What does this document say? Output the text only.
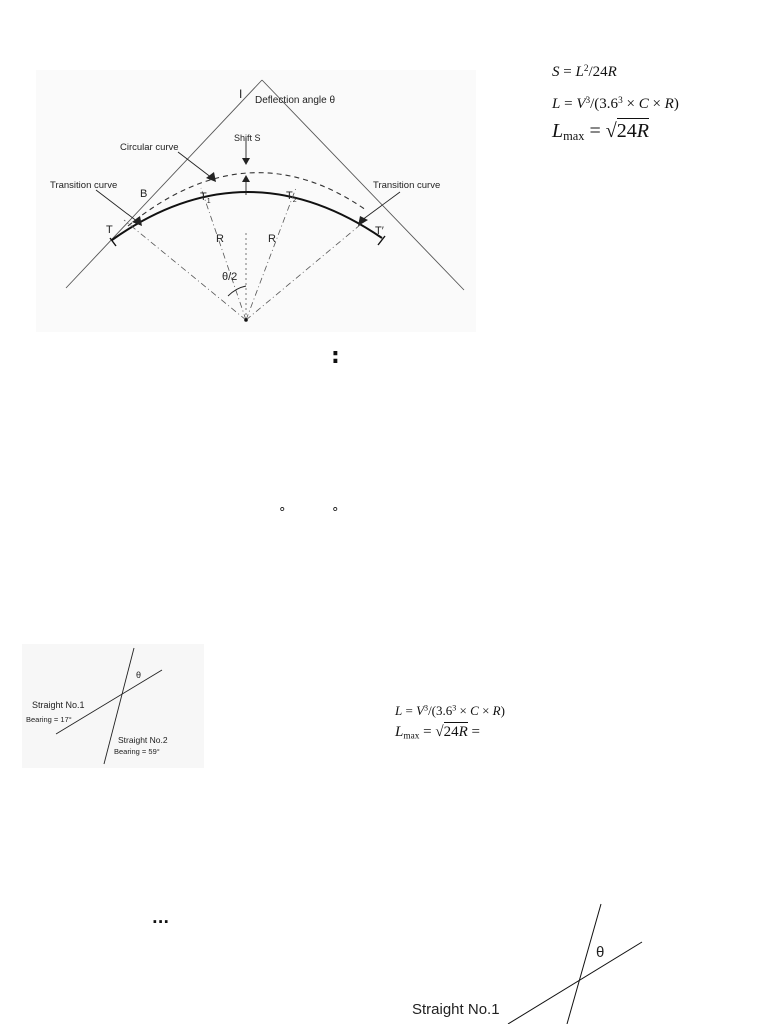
I Deflection angle θ
Shift S
Circular curve
Transition curve	Transition curve
B
T	T′
$T_1$	$T_2$
R	R
θ/2
$S = L^2/24R$
$L = V^3/(3.6^3 \times C \times R)$
$L_{max} = √24R$
:
°	°
...
θ
Straight No.1
Bearing = 17°
Straight No.2
Bearing = 59°
$L = V^3/(3.6^3 \times C \times R)$
$L_{max} = √24R$ =
θ
Straight No.1
